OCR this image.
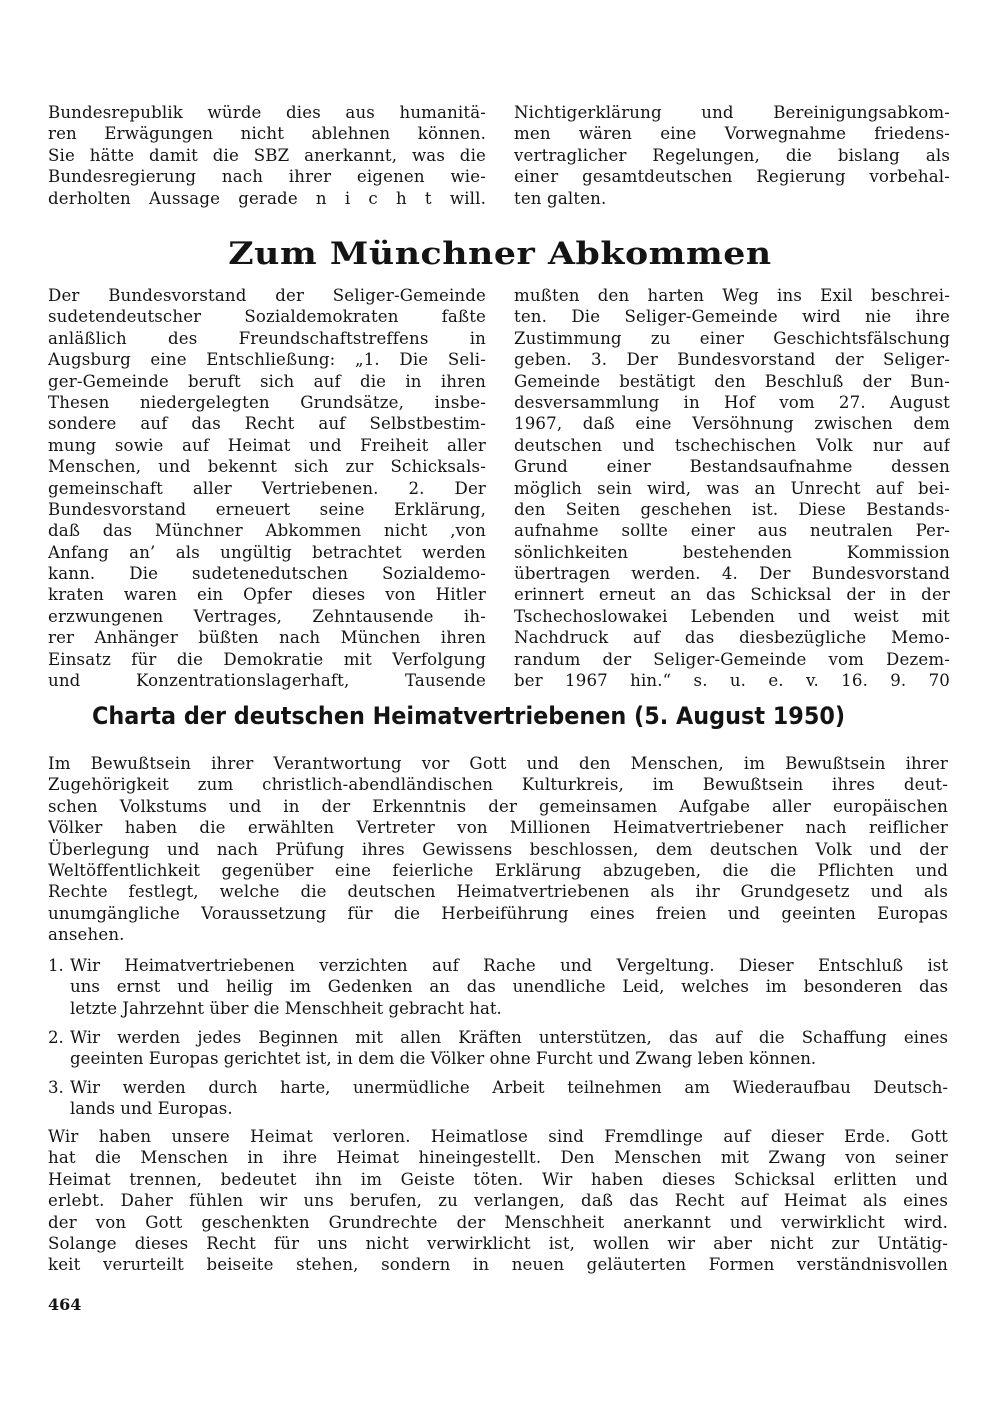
Bundesrepublik würde dies aus humanitä-
ren Erwägungen nicht ablehnen können.
Sie hätte damit die SBZ anerkannt, was die
Bundesregierung nach ihrer eigenen wie-
derholten Aussage gerade n i c h t will.
Nichtigerklärung und Bereinigungsabkom-
men wären eine Vorwegnahme friedens-
vertraglicher Regelungen, die bislang als
einer gesamtdeutschen Regierung vorbehal-
ten galten.
Zum Münchner Abkommen
Der Bundesvorstand der Seliger-Gemeinde
sudetendeutscher Sozialdemokraten faßte
anläßlich des Freundschaftstreffens in
Augsburg eine Entschließung: „1. Die Seli-
ger-Gemeinde beruft sich auf die in ihren
Thesen niedergelegten Grundsätze, insbe-
sondere auf das Recht auf Selbstbestim-
mung sowie auf Heimat und Freiheit aller
Menschen, und bekennt sich zur Schicksals-
gemeinschaft aller Vertriebenen. 2. Der
Bundesvorstand erneuert seine Erklärung,
daß das Münchner Abkommen nicht ‚von
Anfang an’ als ungültig betrachtet werden
kann. Die sudetenedutschen Sozialdemo-
kraten waren ein Opfer dieses von Hitler
erzwungenen Vertrages, Zehntausende ih-
rer Anhänger büßten nach München ihren
Einsatz für die Demokratie mit Verfolgung
und Konzentrationslagerhaft, Tausende
mußten den harten Weg ins Exil beschrei-
ten. Die Seliger-Gemeinde wird nie ihre
Zustimmung zu einer Geschichtsfälschung
geben. 3. Der Bundesvorstand der Seliger-
Gemeinde bestätigt den Beschluß der Bun-
desversammlung in Hof vom 27. August
1967, daß eine Versöhnung zwischen dem
deutschen und tschechischen Volk nur auf
Grund einer Bestandsaufnahme dessen
möglich sein wird, was an Unrecht auf bei-
den Seiten geschehen ist. Diese Bestands-
aufnahme sollte einer aus neutralen Per-
sönlichkeiten bestehenden Kommission
übertragen werden. 4. Der Bundesvorstand
erinnert erneut an das Schicksal der in der
Tschechoslowakei Lebenden und weist mit
Nachdruck auf das diesbezügliche Memo-
randum der Seliger-Gemeinde vom Dezem-
ber 1967 hin.“ s. u. e. v. 16. 9. 70
Charta der deutschen Heimatvertriebenen (5. August 1950)
Im Bewußtsein ihrer Verantwortung vor Gott und den Menschen, im Bewußtsein ihrer
Zugehörigkeit zum christlich-abendländischen Kulturkreis, im Bewußtsein ihres deut-
schen Volkstums und in der Erkenntnis der gemeinsamen Aufgabe aller europäischen
Völker haben die erwählten Vertreter von Millionen Heimatvertriebener nach reiflicher
Überlegung und nach Prüfung ihres Gewissens beschlossen, dem deutschen Volk und der
Weltöffentlichkeit gegenüber eine feierliche Erklärung abzugeben, die die Pflichten und
Rechte festlegt, welche die deutschen Heimatvertriebenen als ihr Grundgesetz und als
unumgängliche Voraussetzung für die Herbeiführung eines freien und geeinten Europas
ansehen.
1. Wir Heimatvertriebenen verzichten auf Rache und Vergeltung. Dieser Entschluß ist
uns ernst und heilig im Gedenken an das unendliche Leid, welches im besonderen das
letzte Jahrzehnt über die Menschheit gebracht hat.
2. Wir werden jedes Beginnen mit allen Kräften unterstützen, das auf die Schaffung eines
geeinten Europas gerichtet ist, in dem die Völker ohne Furcht und Zwang leben können.
3. Wir werden durch harte, unermüdliche Arbeit teilnehmen am Wiederaufbau Deutsch-
lands und Europas.
Wir haben unsere Heimat verloren. Heimatlose sind Fremdlinge auf dieser Erde. Gott
hat die Menschen in ihre Heimat hineingestellt. Den Menschen mit Zwang von seiner
Heimat trennen, bedeutet ihn im Geiste töten. Wir haben dieses Schicksal erlitten und
erlebt. Daher fühlen wir uns berufen, zu verlangen, daß das Recht auf Heimat als eines
der von Gott geschenkten Grundrechte der Menschheit anerkannt und verwirklicht wird.
Solange dieses Recht für uns nicht verwirklicht ist, wollen wir aber nicht zur Untätig-
keit verurteilt beiseite stehen, sondern in neuen geläuterten Formen verständnisvollen
464
